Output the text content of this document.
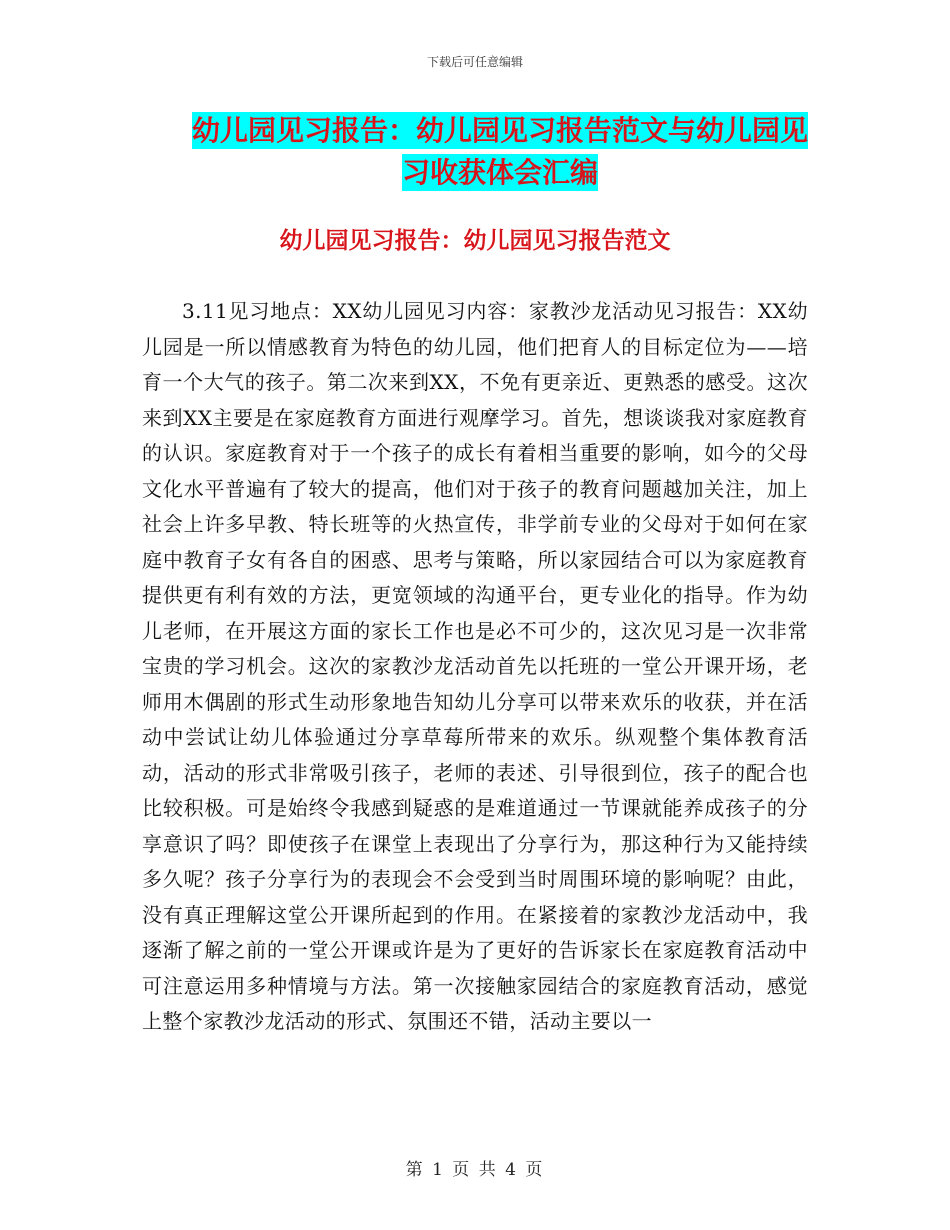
下载后可任意编辑
幼儿园见习报告：幼儿园见习报告范文与幼儿园见习收获体会汇编
幼儿园见习报告：幼儿园见习报告范文

3.11见习地点：XX幼儿园见习内容：家教沙龙活动见习报告：XX幼儿园是一所以情感教育为特色的幼儿园，他们把育人的目标定位为——培育一个大气的孩子。第二次来到XX，不免有更亲近、更熟悉的感受。这次来到XX主要是在家庭教育方面进行观摩学习。首先，想谈谈我对家庭教育的认识。家庭教育对于一个孩子的成长有着相当重要的影响，如今的父母文化水平普遍有了较大的提高，他们对于孩子的教育问题越加关注，加上社会上许多早教、特长班等的火热宣传，非学前专业的父母对于如何在家庭中教育子女有各自的困惑、思考与策略，所以家园结合可以为家庭教育提供更有利有效的方法，更宽领域的沟通平台，更专业化的指导。作为幼儿老师，在开展这方面的家长工作也是必不可少的，这次见习是一次非常宝贵的学习机会。这次的家教沙龙活动首先以托班的一堂公开课开场，老师用木偶剧的形式生动形象地告知幼儿分享可以带来欢乐的收获，并在活动中尝试让幼儿体验通过分享草莓所带来的欢乐。纵观整个集体教育活动，活动的形式非常吸引孩子，老师的表述、引导很到位，孩子的配合也比较积极。可是始终令我感到疑惑的是难道通过一节课就能养成孩子的分享意识了吗？即使孩子在课堂上表现出了分享行为，那这种行为又能持续多久呢？孩子分享行为的表现会不会受到当时周围环境的影响呢？由此，没有真正理解这堂公开课所起到的作用。在紧接着的家教沙龙活动中，我逐渐了解之前的一堂公开课或许是为了更好的告诉家长在家庭教育活动中可注意运用多种情境与方法。第一次接触家园结合的家庭教育活动，感觉上整个家教沙龙活动的形式、氛围还不错，活动主要以一

第 1 页 共 4 页
